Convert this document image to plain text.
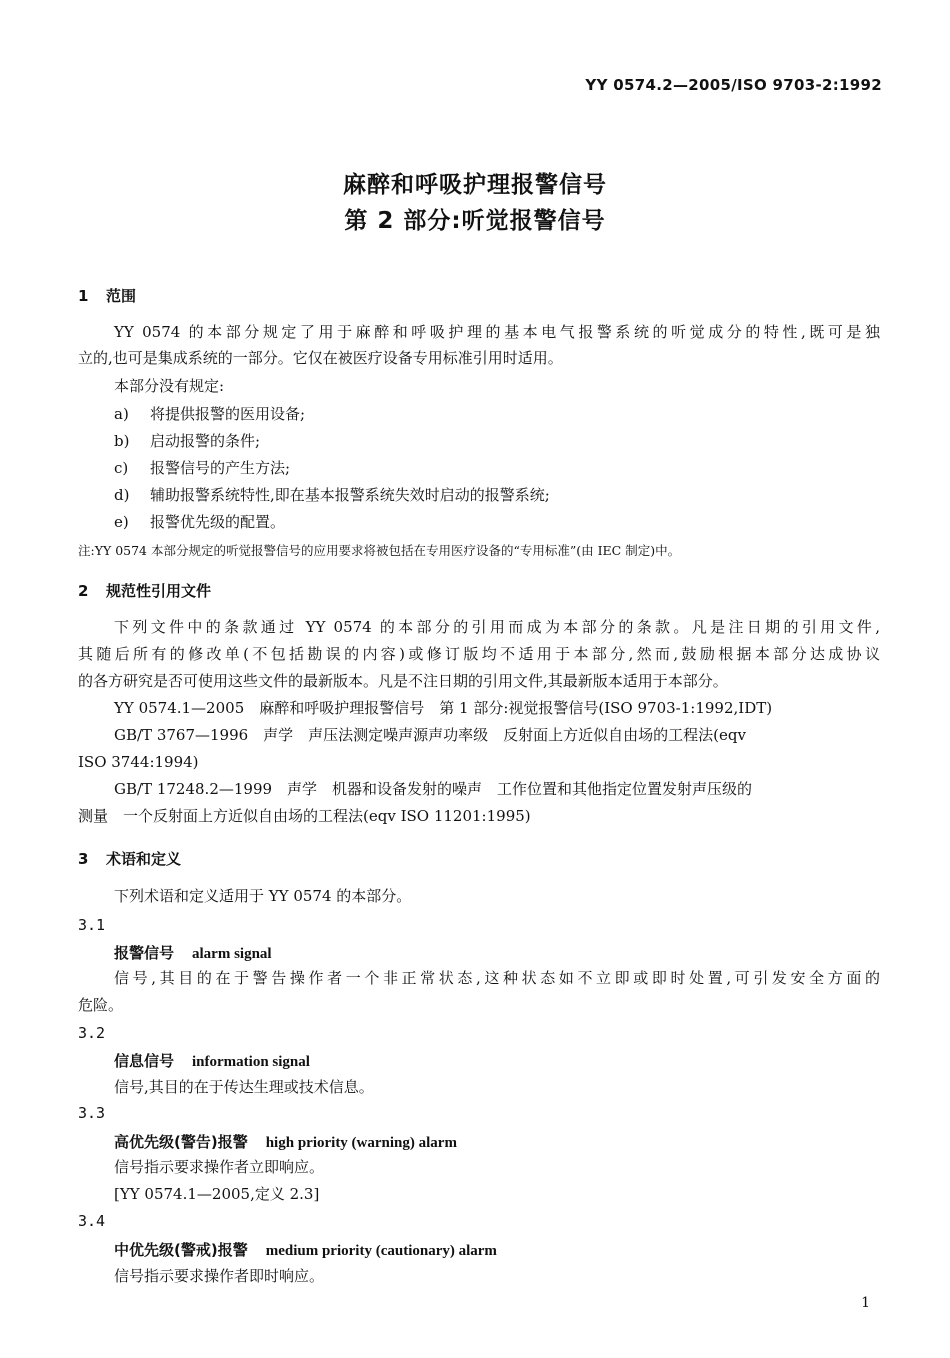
YY 0574.2—2005/ISO 9703-2:1992
麻醉和呼吸护理报警信号
第 2 部分:听觉报警信号
1 范围
YY 0574 的本部分规定了用于麻醉和呼吸护理的基本电气报警系统的听觉成分的特性,既可是独
立的,也可是集成系统的一部分。它仅在被医疗设备专用标准引用时适用。
本部分没有规定:
a) 将提供报警的医用设备;
b) 启动报警的条件;
c) 报警信号的产生方法;
d) 辅助报警系统特性,即在基本报警系统失效时启动的报警系统;
e) 报警优先级的配置。
注:YY 0574 本部分规定的听觉报警信号的应用要求将被包括在专用医疗设备的“专用标准”(由 IEC 制定)中。
2 规范性引用文件
下列文件中的条款通过 YY 0574 的本部分的引用而成为本部分的条款。凡是注日期的引用文件,
其随后所有的修改单(不包括勘误的内容)或修订版均不适用于本部分,然而,鼓励根据本部分达成协议
的各方研究是否可使用这些文件的最新版本。凡是不注日期的引用文件,其最新版本适用于本部分。
YY 0574.1—2005　麻醉和呼吸护理报警信号　第 1 部分:视觉报警信号(ISO 9703-1:1992,IDT)
GB/T 3767—1996　声学　声压法测定噪声源声功率级　反射面上方近似自由场的工程法(eqv
ISO 3744:1994)
GB/T 17248.2—1999　声学　机器和设备发射的噪声　工作位置和其他指定位置发射声压级的
测量　一个反射面上方近似自由场的工程法(eqv ISO 11201:1995)
3 术语和定义
下列术语和定义适用于 YY 0574 的本部分。
3.1
报警信号 alarm signal
信号,其目的在于警告操作者一个非正常状态,这种状态如不立即或即时处置,可引发安全方面的
危险。
3.2
信息信号 information signal
信号,其目的在于传达生理或技术信息。
3.3
高优先级(警告)报警 high priority (warning) alarm
信号指示要求操作者立即响应。
[YY 0574.1—2005,定义 2.3]
3.4
中优先级(警戒)报警 medium priority (cautionary) alarm
信号指示要求操作者即时响应。
1
